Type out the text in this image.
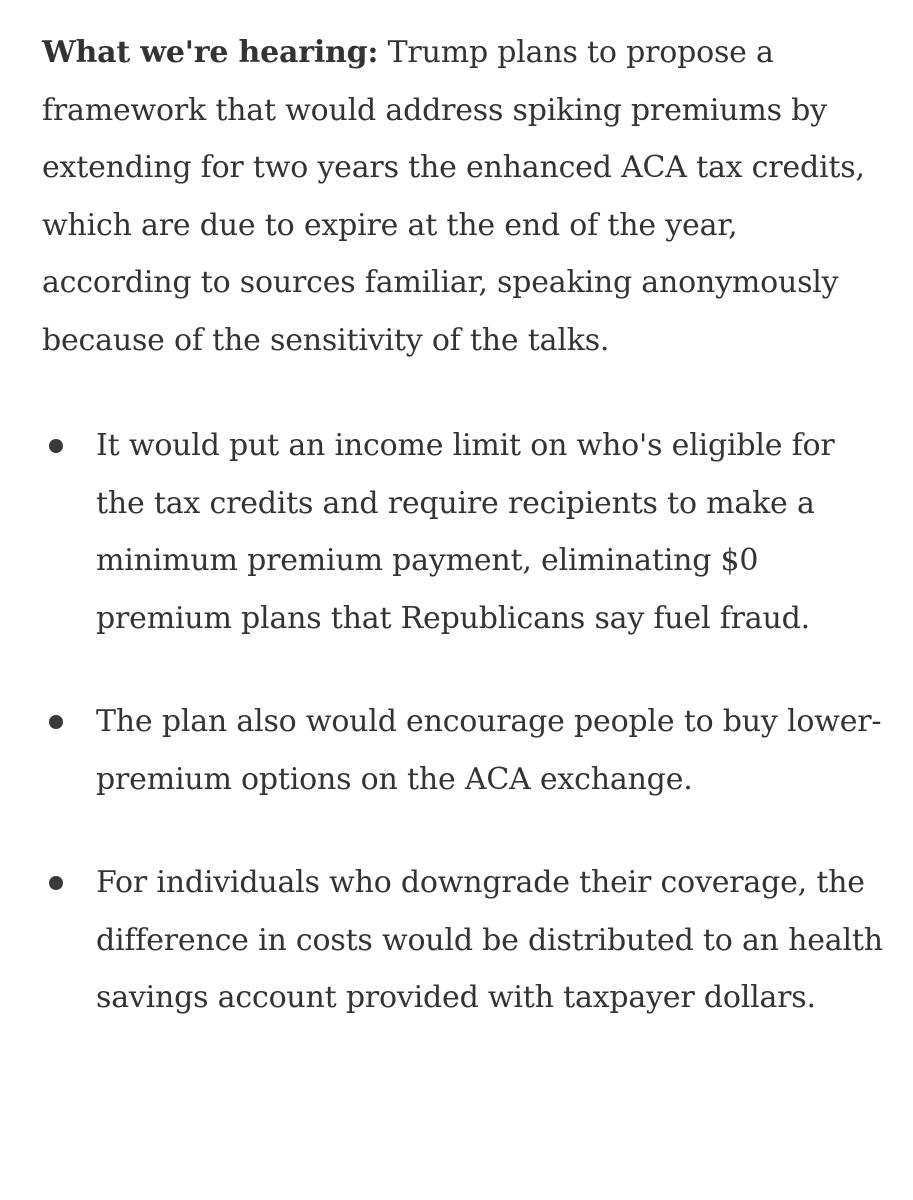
What we're hearing: Trump plans to propose a framework that would address spiking premiums by extending for two years the enhanced ACA tax credits, which are due to expire at the end of the year, according to sources familiar, speaking anonymously because of the sensitivity of the talks.

It would put an income limit on who's eligible for the tax credits and require recipients to make a minimum premium payment, eliminating $0 premium plans that Republicans say fuel fraud.
The plan also would encourage people to buy lower-premium options on the ACA exchange.
For individuals who downgrade their coverage, the difference in costs would be distributed to an health savings account provided with taxpayer dollars.
